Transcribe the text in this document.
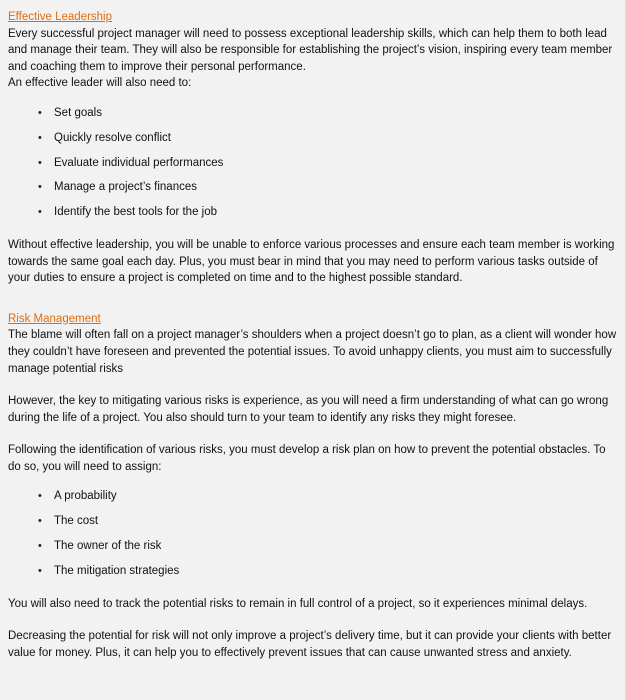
Effective Leadership

Every successful project manager will need to possess exceptional leadership skills, which can help them to both lead and manage their team. They will also be responsible for establishing the project’s vision, inspiring every team member and coaching them to improve their personal performance.

An effective leader will also need to:

• Set goals
• Quickly resolve conflict
• Evaluate individual performances
• Manage a project’s finances
• Identify the best tools for the job

Without effective leadership, you will be unable to enforce various processes and ensure each team member is working towards the same goal each day. Plus, you must bear in mind that you may need to perform various tasks outside of your duties to ensure a project is completed on time and to the highest possible standard.

Risk Management

The blame will often fall on a project manager’s shoulders when a project doesn’t go to plan, as a client will wonder how they couldn’t have foreseen and prevented the potential issues. To avoid unhappy clients, you must aim to successfully manage potential risks

However, the key to mitigating various risks is experience, as you will need a firm understanding of what can go wrong during the life of a project. You also should turn to your team to identify any risks they might foresee.

Following the identification of various risks, you must develop a risk plan on how to prevent the potential obstacles. To do so, you will need to assign:

• A probability
• The cost
• The owner of the risk
• The mitigation strategies

You will also need to track the potential risks to remain in full control of a project, so it experiences minimal delays.

Decreasing the potential for risk will not only improve a project’s delivery time, but it can provide your clients with better value for money. Plus, it can help you to effectively prevent issues that can cause unwanted stress and anxiety.
